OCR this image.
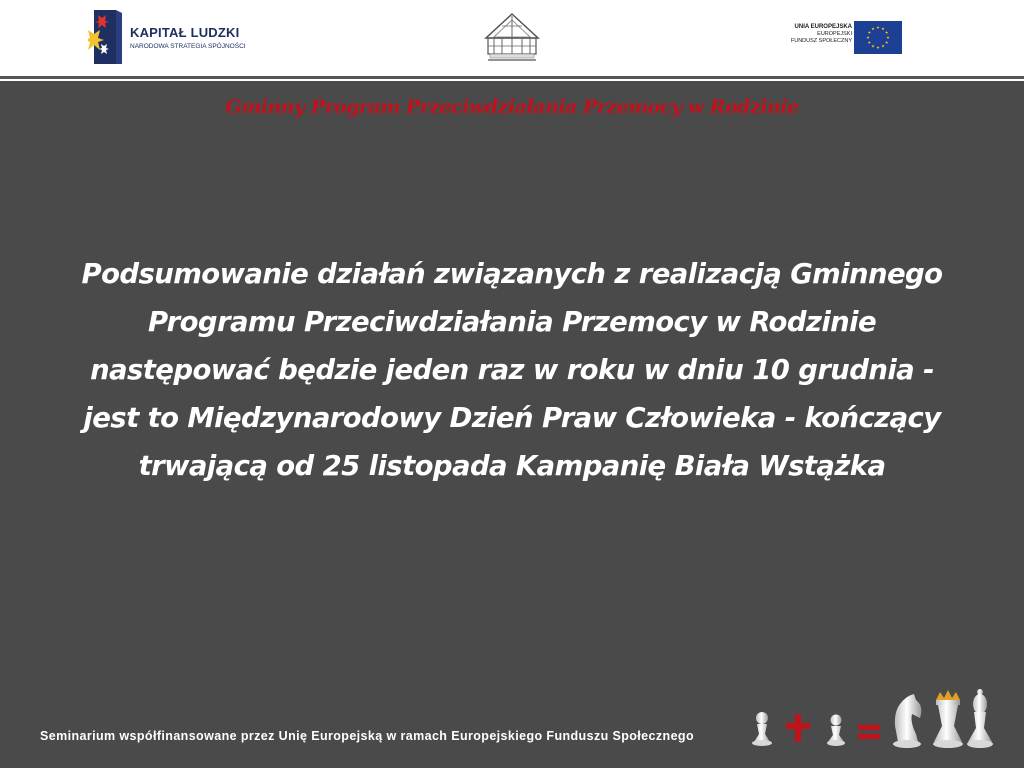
KAPITAŁ LUDZKI
NARODOWA STRATEGIA SPÓJNOŚCI
UNIA EUROPEJSKA
EUROPEJSKI
FUNDUSZ SPOŁECZNY
Gminny Program Przeciwdziałania Przemocy w Rodzinie
Podsumowanie działań związanych z realizacją Gminnego
Programu Przeciwdziałania Przemocy w Rodzinie
następować będzie jeden raz w roku w dniu 10 grudnia -
jest to Międzynarodowy Dzień Praw Człowieka - kończący
trwającą od 25 listopada Kampanię Biała Wstążka
Seminarium współfinansowane przez Unię Europejską w ramach Europejskiego Funduszu Społecznego
